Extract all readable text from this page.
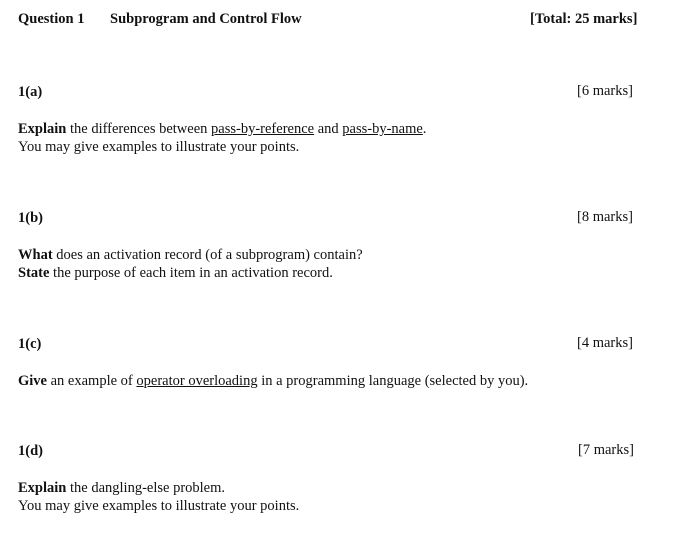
Question 1 Subprogram and Control Flow	[Total: 25 marks]
1(a)	[6 marks]
Explain the differences between pass-by-reference and pass-by-name.
You may give examples to illustrate your points.
1(b)	[8 marks]
What does an activation record (of a subprogram) contain?
State the purpose of each item in an activation record.
1(c)	[4 marks]
Give an example of operator overloading in a programming language (selected by you).
1(d)	[7 marks]
Explain the dangling-else problem.
You may give examples to illustrate your points.
